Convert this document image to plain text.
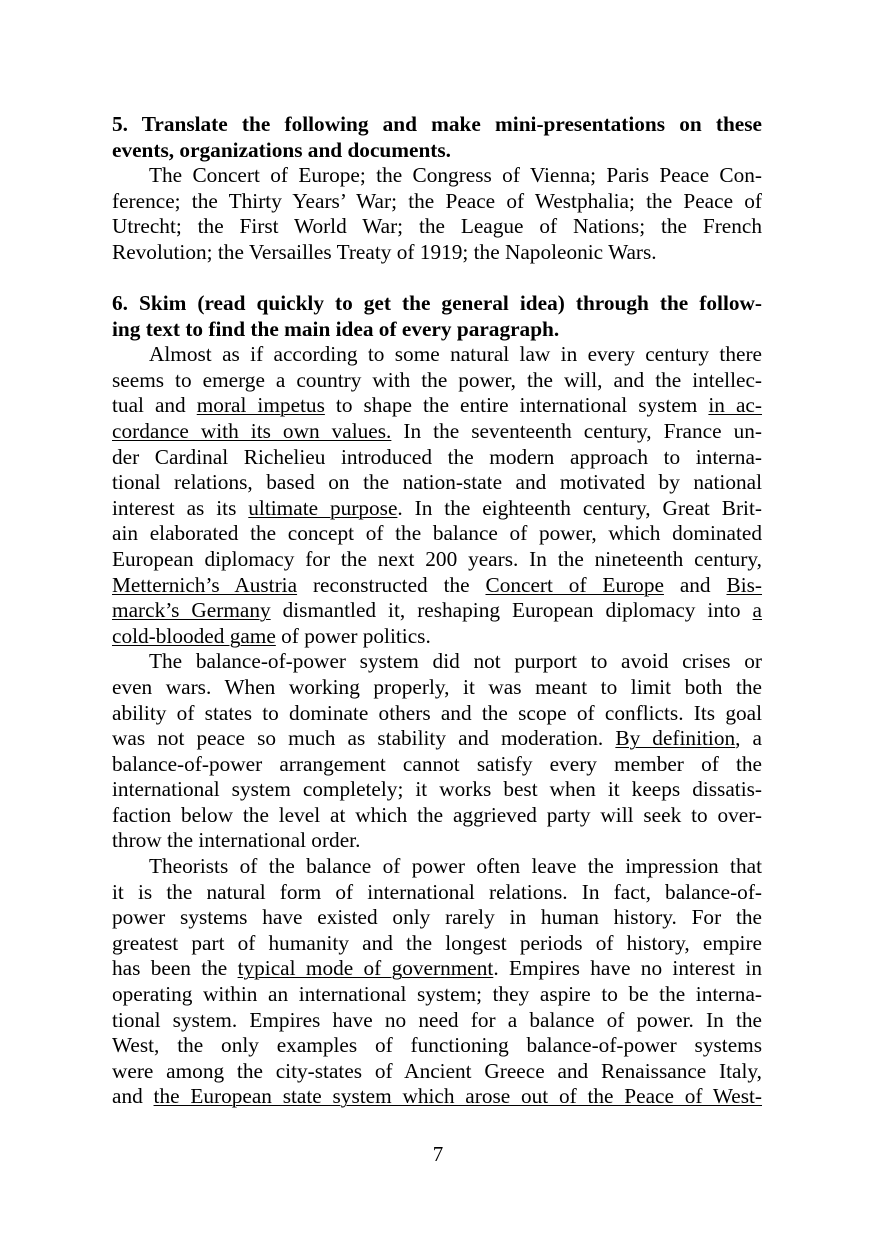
5. Translate the following and make mini-presentations on these
events, organizations and documents.
The Concert of Europe; the Congress of Vienna; Paris Peace Con-
ference; the Thirty Years’ War; the Peace of Westphalia; the Peace of
Utrecht; the First World War; the League of Nations; the French
Revolution; the Versailles Treaty of 1919; the Napoleonic Wars.
6. Skim (read quickly to get the general idea) through the follow-
ing text to find the main idea of every paragraph.
Almost as if according to some natural law in every century there
seems to emerge a country with the power, the will, and the intellec-
tual and moral impetus to shape the entire international system in ac-
cordance with its own values. In the seventeenth century, France un-
der Cardinal Richelieu introduced the modern approach to interna-
tional relations, based on the nation-state and motivated by national
interest as its ultimate purpose. In the eighteenth century, Great Brit-
ain elaborated the concept of the balance of power, which dominated
European diplomacy for the next 200 years. In the nineteenth century,
Metternich’s Austria reconstructed the Concert of Europe and Bis-
marck’s Germany dismantled it, reshaping European diplomacy into a
cold-blooded game of power politics.
The balance-of-power system did not purport to avoid crises or
even wars. When working properly, it was meant to limit both the
ability of states to dominate others and the scope of conflicts. Its goal
was not peace so much as stability and moderation. By definition, a
balance-of-power arrangement cannot satisfy every member of the
international system completely; it works best when it keeps dissatis-
faction below the level at which the aggrieved party will seek to over-
throw the international order.
Theorists of the balance of power often leave the impression that
it is the natural form of international relations. In fact, balance-of-
power systems have existed only rarely in human history. For the
greatest part of humanity and the longest periods of history, empire
has been the typical mode of government. Empires have no interest in
operating within an international system; they aspire to be the interna-
tional system. Empires have no need for a balance of power. In the
West, the only examples of functioning balance-of-power systems
were among the city-states of Ancient Greece and Renaissance Italy,
and the European state system which arose out of the Peace of West-
7
